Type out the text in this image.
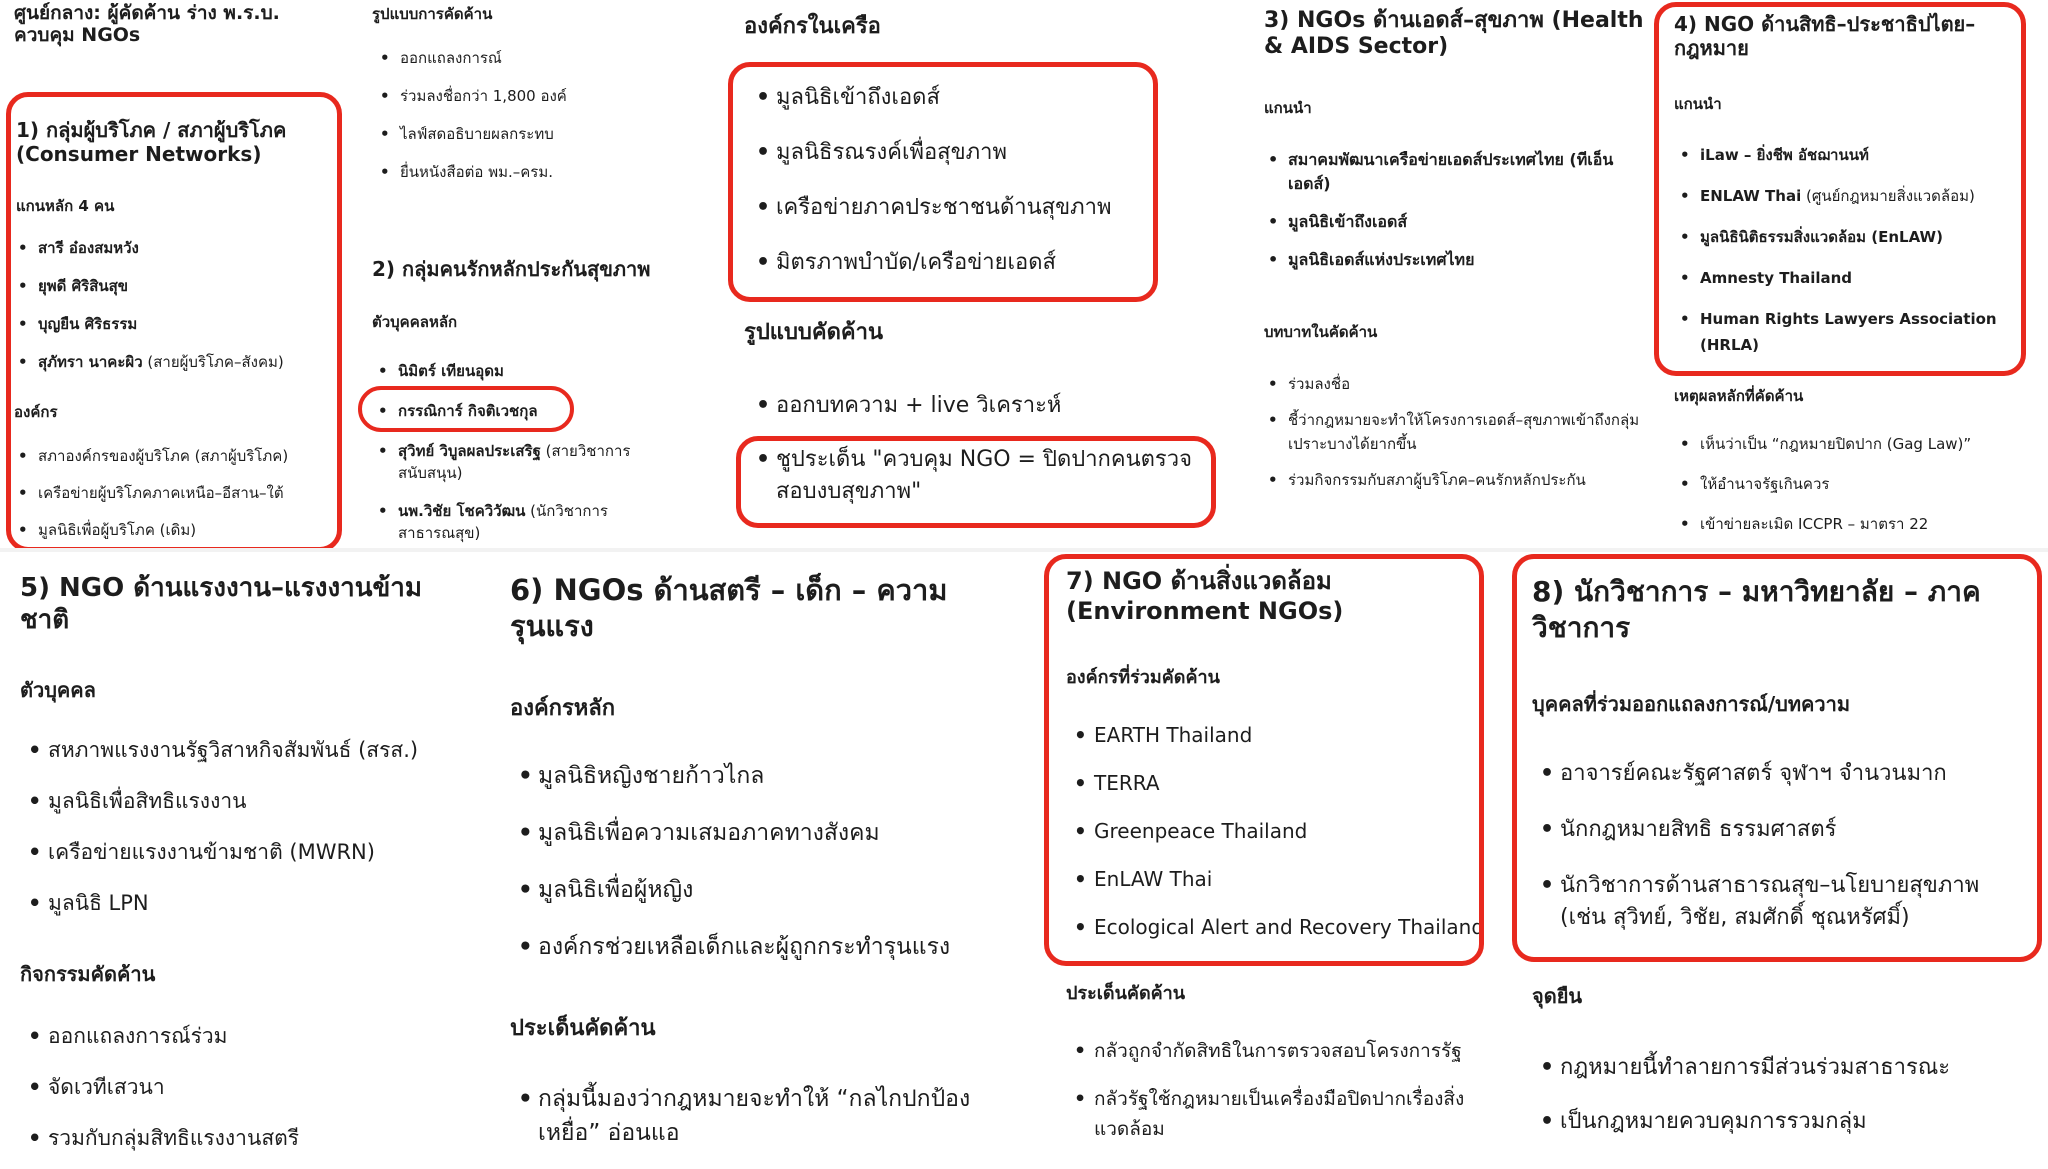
ศูนย์กลาง: ผู้คัดค้าน ร่าง พ.ร.บ. ควบคุม NGOs
1) กลุ่มผู้บริโภค / สภาผู้บริโภค (Consumer Networks)
แกนหลัก 4 คน
• สารี อ๋องสมหวัง
• ยุพดี ศิริสินสุข
• บุญยืน ศิริธรรม
• สุภัทรา นาคะผิว (สายผู้บริโภค–สังคม)
องค์กร
• สภาองค์กรของผู้บริโภค (สภาผู้บริโภค)
• เครือข่ายผู้บริโภคภาคเหนือ–อีสาน–ใต้
• มูลนิธิเพื่อผู้บริโภค (เดิม)
รูปแบบการคัดค้าน
• ออกแถลงการณ์
• ร่วมลงชื่อกว่า 1,800 องค์
• ไลฟ์สดอธิบายผลกระทบ
• ยื่นหนังสือต่อ พม.–ครม.
2) กลุ่มคนรักหลักประกันสุขภาพ
ตัวบุคคลหลัก
• นิมิตร์ เทียนอุดม
• กรรณิการ์ กิจติเวชกุล
• สุวิทย์ วิบูลผลประเสริฐ (สายวิชาการสนับสนุน)
• นพ.วิชัย โชควิวัฒน (นักวิชาการสาธารณสุข)
องค์กรในเครือ
• มูลนิธิเข้าถึงเอดส์
• มูลนิธิรณรงค์เพื่อสุขภาพ
• เครือข่ายภาคประชาชนด้านสุขภาพ
• มิตรภาพบำบัด/เครือข่ายเอดส์
รูปแบบคัดค้าน
• ออกบทความ + live วิเคราะห์
• ชูประเด็น "ควบคุม NGO = ปิดปากคนตรวจสอบงบสุขภาพ"
3) NGOs ด้านเอดส์–สุขภาพ (Health & AIDS Sector)
แกนนำ
• สมาคมพัฒนาเครือข่ายเอดส์ประเทศไทย (ทีเอ็นเอดส์)
• มูลนิธิเข้าถึงเอดส์
• มูลนิธิเอดส์แห่งประเทศไทย
บทบาทในคัดค้าน
• ร่วมลงชื่อ
• ชี้ว่ากฎหมายจะทำให้โครงการเอดส์–สุขภาพเข้าถึงกลุ่มเปราะบางได้ยากขึ้น
• ร่วมกิจกรรมกับสภาผู้บริโภค–คนรักหลักประกัน
4) NGO ด้านสิทธิ–ประชาธิปไตย–กฎหมาย
แกนนำ
• iLaw – ยิ่งชีพ อัชฌานนท์
• ENLAW Thai (ศูนย์กฎหมายสิ่งแวดล้อม)
• มูลนิธินิติธรรมสิ่งแวดล้อม (EnLAW)
• Amnesty Thailand
• Human Rights Lawyers Association (HRLA)
เหตุผลหลักที่คัดค้าน
• เห็นว่าเป็น “กฎหมายปิดปาก (Gag Law)”
• ให้อำนาจรัฐเกินควร
• เข้าข่ายละเมิด ICCPR – มาตรา 22
5) NGO ด้านแรงงาน–แรงงานข้ามชาติ
ตัวบุคคล
• สหภาพแรงงานรัฐวิสาหกิจสัมพันธ์ (สรส.)
• มูลนิธิเพื่อสิทธิแรงงาน
• เครือข่ายแรงงานข้ามชาติ (MWRN)
• มูลนิธิ LPN
กิจกรรมคัดค้าน
• ออกแถลงการณ์ร่วม
• จัดเวทีเสวนา
• รวมกับกลุ่มสิทธิแรงงานสตรี
6) NGOs ด้านสตรี – เด็ก – ความรุนแรง
องค์กรหลัก
• มูลนิธิหญิงชายก้าวไกล
• มูลนิธิเพื่อความเสมอภาคทางสังคม
• มูลนิธิเพื่อผู้หญิง
• องค์กรช่วยเหลือเด็กและผู้ถูกกระทำรุนแรง
ประเด็นคัดค้าน
• กลุ่มนี้มองว่ากฎหมายจะทำให้ “กลไกปกป้องเหยื่อ” อ่อนแอ
7) NGO ด้านสิ่งแวดล้อม (Environment NGOs)
องค์กรที่ร่วมคัดค้าน
• EARTH Thailand
• TERRA
• Greenpeace Thailand
• EnLAW Thai
• Ecological Alert and Recovery Thailand
ประเด็นคัดค้าน
• กลัวถูกจำกัดสิทธิในการตรวจสอบโครงการรัฐ
• กลัวรัฐใช้กฎหมายเป็นเครื่องมือปิดปากเรื่องสิ่งแวดล้อม
8) นักวิชาการ – มหาวิทยาลัย – ภาควิชาการ
บุคคลที่ร่วมออกแถลงการณ์/บทความ
• อาจารย์คณะรัฐศาสตร์ จุฬาฯ จำนวนมาก
• นักกฎหมายสิทธิ ธรรมศาสตร์
• นักวิชาการด้านสาธารณสุข–นโยบายสุขภาพ (เช่น สุวิทย์, วิชัย, สมศักดิ์ ชุณหรัศมิ์)
จุดยืน
• กฎหมายนี้ทำลายการมีส่วนร่วมสาธารณะ
• เป็นกฎหมายควบคุมการรวมกลุ่ม
